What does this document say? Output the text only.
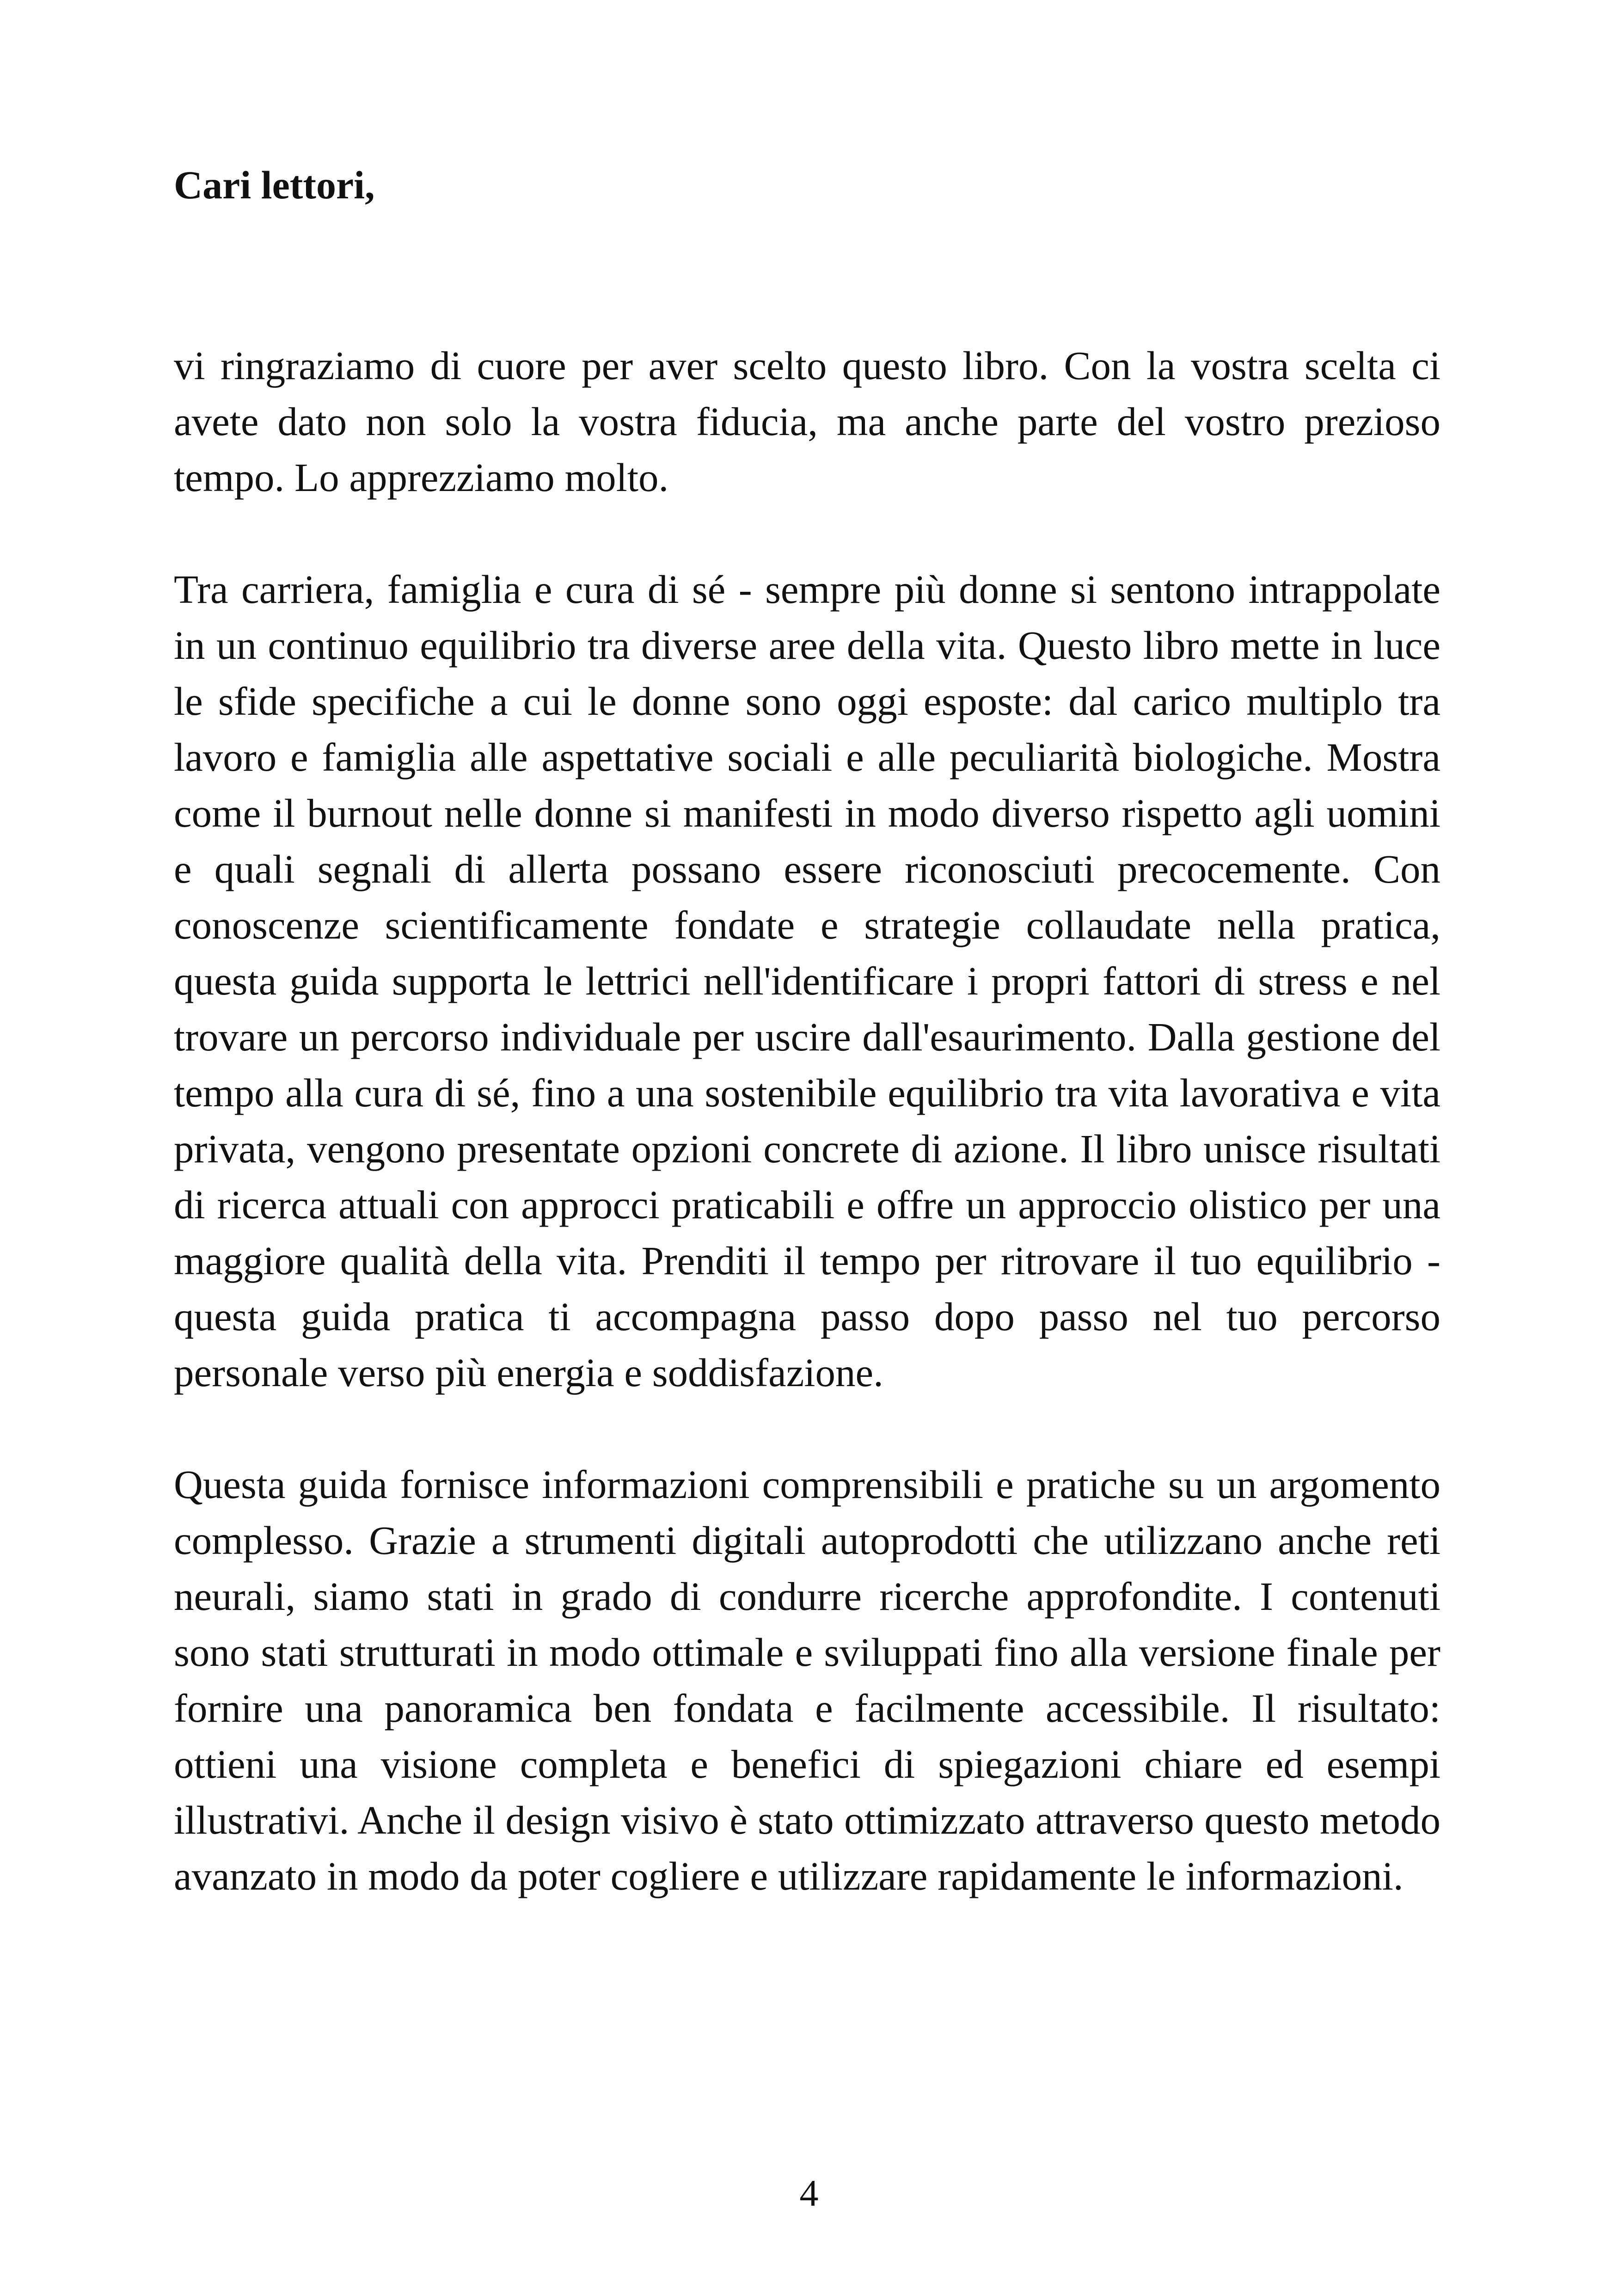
Cari lettori,

vi ringraziamo di cuore per aver scelto questo libro. Con la vostra scelta ci avete dato non solo la vostra fiducia, ma anche parte del vostro prezioso tempo. Lo apprezziamo molto.

Tra carriera, famiglia e cura di sé - sempre più donne si sentono intrappolate in un continuo equilibrio tra diverse aree della vita. Questo libro mette in luce le sfide specifiche a cui le donne sono oggi esposte: dal carico multiplo tra lavoro e famiglia alle aspettative sociali e alle peculiarità biologiche. Mostra come il burnout nelle donne si manifesti in modo diverso rispetto agli uomini e quali segnali di allerta possano essere riconosciuti precocemente. Con conoscenze scientificamente fondate e strategie collaudate nella pratica, questa guida supporta le lettrici nell'identificare i propri fattori di stress e nel trovare un percorso individuale per uscire dall'esaurimento. Dalla gestione del tempo alla cura di sé, fino a una sostenibile equilibrio tra vita lavorativa e vita privata, vengono presentate opzioni concrete di azione. Il libro unisce risultati di ricerca attuali con approcci praticabili e offre un approccio olistico per una maggiore qualità della vita. Prenditi il tempo per ritrovare il tuo equilibrio - questa guida pratica ti accompagna passo dopo passo nel tuo percorso personale verso più energia e soddisfazione.

Questa guida fornisce informazioni comprensibili e pratiche su un argomento complesso. Grazie a strumenti digitali autoprodotti che utilizzano anche reti neurali, siamo stati in grado di condurre ricerche approfondite. I contenuti sono stati strutturati in modo ottimale e sviluppati fino alla versione finale per fornire una panoramica ben fondata e facilmente accessibile. Il risultato: ottieni una visione completa e benefici di spiegazioni chiare ed esempi illustrativi. Anche il design visivo è stato ottimizzato attraverso questo metodo avanzato in modo da poter cogliere e utilizzare rapidamente le informazioni.

4
